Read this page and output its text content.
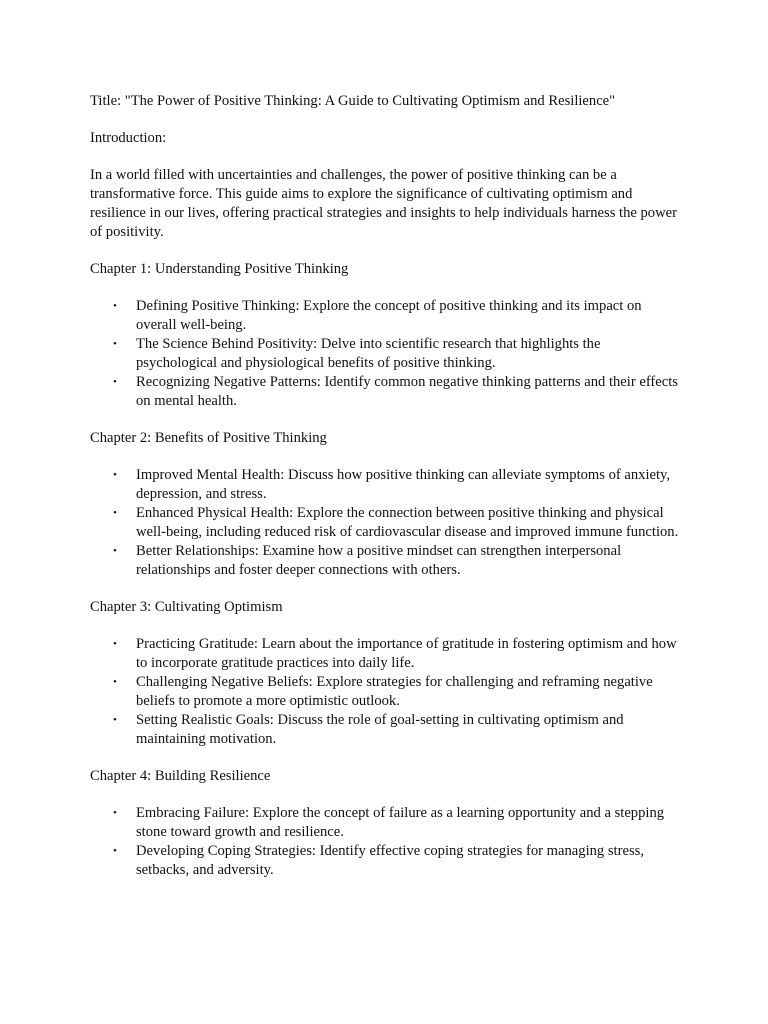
Title: "The Power of Positive Thinking: A Guide to Cultivating Optimism and Resilience"

Introduction:

In a world filled with uncertainties and challenges, the power of positive thinking can be a transformative force. This guide aims to explore the significance of cultivating optimism and resilience in our lives, offering practical strategies and insights to help individuals harness the power of positivity.

Chapter 1: Understanding Positive Thinking
• Defining Positive Thinking: Explore the concept of positive thinking and its impact on overall well-being.
• The Science Behind Positivity: Delve into scientific research that highlights the psychological and physiological benefits of positive thinking.
• Recognizing Negative Patterns: Identify common negative thinking patterns and their effects on mental health.
Chapter 2: Benefits of Positive Thinking
• Improved Mental Health: Discuss how positive thinking can alleviate symptoms of anxiety, depression, and stress.
• Enhanced Physical Health: Explore the connection between positive thinking and physical well-being, including reduced risk of cardiovascular disease and improved immune function.
• Better Relationships: Examine how a positive mindset can strengthen interpersonal relationships and foster deeper connections with others.
Chapter 3: Cultivating Optimism
• Practicing Gratitude: Learn about the importance of gratitude in fostering optimism and how to incorporate gratitude practices into daily life.
• Challenging Negative Beliefs: Explore strategies for challenging and reframing negative beliefs to promote a more optimistic outlook.
• Setting Realistic Goals: Discuss the role of goal-setting in cultivating optimism and maintaining motivation.
Chapter 4: Building Resilience
• Embracing Failure: Explore the concept of failure as a learning opportunity and a stepping stone toward growth and resilience.
• Developing Coping Strategies: Identify effective coping strategies for managing stress, setbacks, and adversity.
